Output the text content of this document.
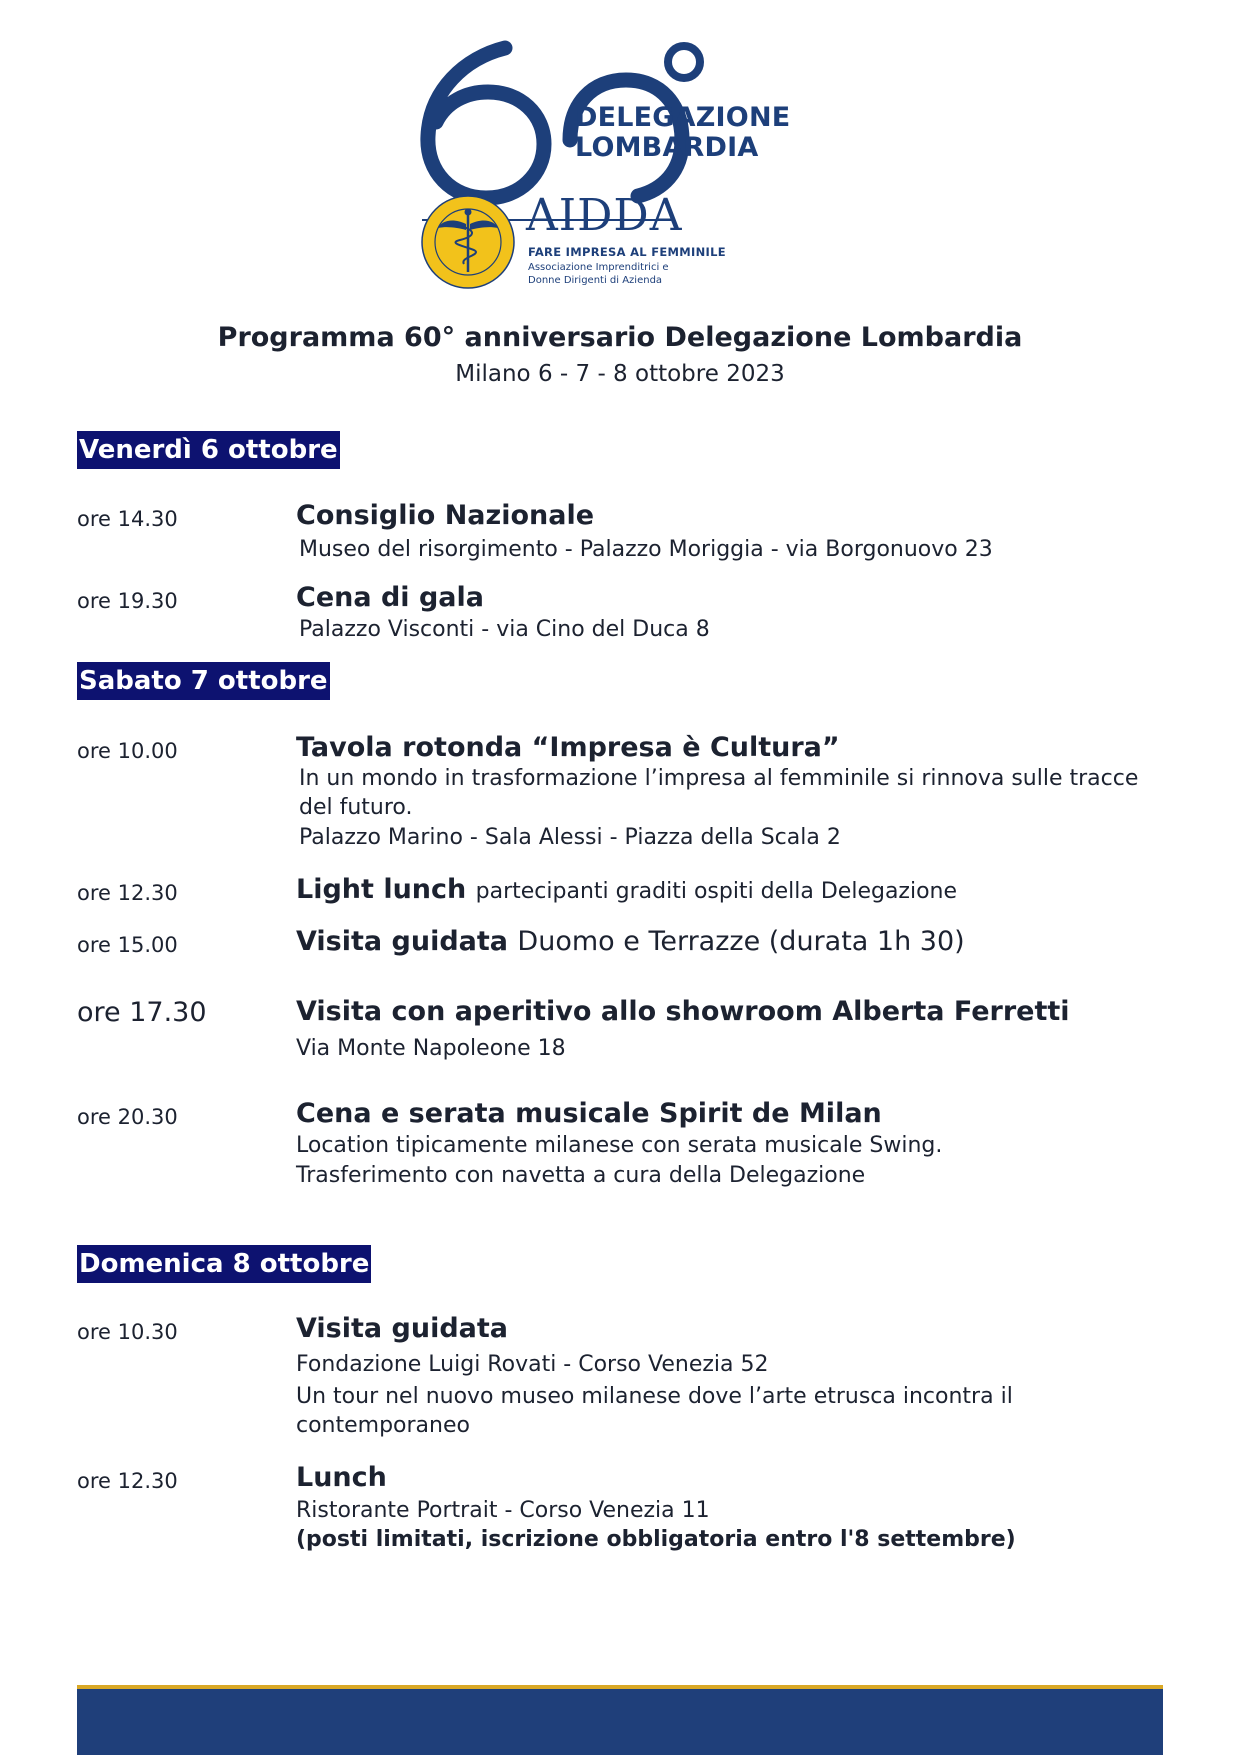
DELEGAZIONE
LOMBARDIA
AIDDA
FARE IMPRESA AL FEMMINILE
Associazione Imprenditrici e
Donne Dirigenti di Azienda
Programma 60° anniversario Delegazione Lombardia
Milano 6 - 7 - 8 ottobre 2023
Venerdì 6 ottobre
ore 14.30	Consiglio Nazionale
Museo del risorgimento - Palazzo Moriggia - via Borgonuovo 23
ore 19.30	Cena di gala
Palazzo Visconti - via Cino del Duca 8
Sabato 7 ottobre
ore 10.00	Tavola rotonda “Impresa è Cultura”
In un mondo in trasformazione l’impresa al femminile si rinnova sulle tracce
del futuro.
Palazzo Marino - Sala Alessi - Piazza della Scala 2
ore 12.30	Light lunch partecipanti graditi ospiti della Delegazione
ore 15.00	Visita guidata Duomo e Terrazze (durata 1h 30)
ore 17.30	Visita con aperitivo allo showroom Alberta Ferretti
Via Monte Napoleone 18
ore 20.30	Cena e serata musicale Spirit de Milan
Location tipicamente milanese con serata musicale Swing.
Trasferimento con navetta a cura della Delegazione
Domenica 8 ottobre
ore 10.30	Visita guidata
Fondazione Luigi Rovati - Corso Venezia 52
Un tour nel nuovo museo milanese dove l’arte etrusca incontra il
contemporaneo
ore 12.30	Lunch
Ristorante Portrait - Corso Venezia 11
(posti limitati, iscrizione obbligatoria entro l'8 settembre)
